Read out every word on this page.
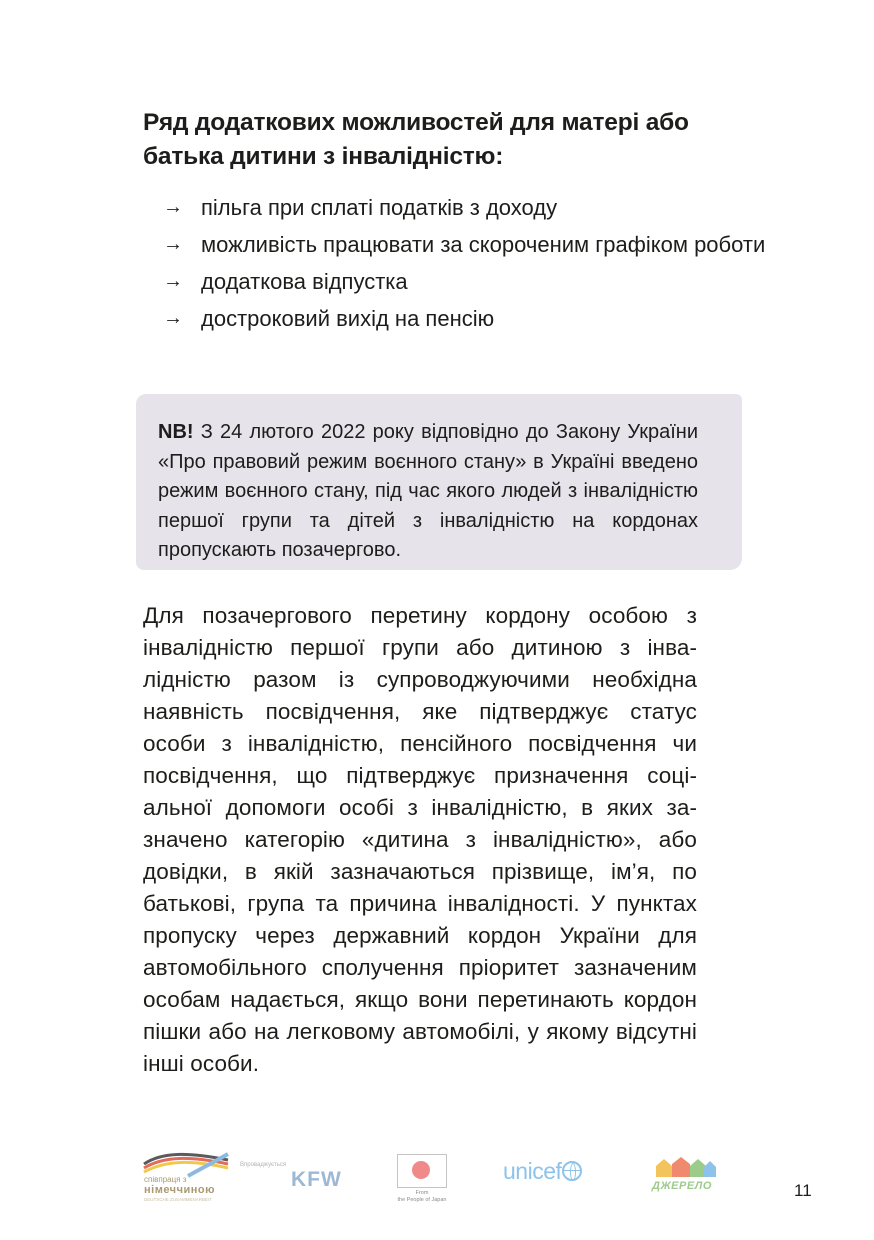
Ряд додаткових можливостей для матері або батька дитини з інвалідністю:
→ пільга при сплаті податків з доходу
→ можливість працювати за скороченим графіком роботи
→ додаткова відпустка
→ достроковий вихід на пенсію
NB! З 24 лютого 2022 року відповідно до Закону України «Про правовий режим воєнного стану» в Україні введено режим воєнного стану, під час якого людей з інвалідністю першої групи та дітей з інвалідністю на кордонах пропускають позачергово.
Для позачергового перетину кордону особою з інвалідністю першої групи або дитиною з інвалідністю разом із супроводжуючими необхідна наявність посвідчення, яке підтверджує статус особи з інвалідністю, пенсійного посвідчення чи посвідчення, що підтверджує призначення соціальної допомоги особі з інвалідністю, в яких зазначено категорію «дитина з інвалідністю», або довідки, в якій зазначаються прізвище, ім’я, по батькові, група та причина інвалідності. У пунктах пропуску через державний кордон України для автомобільного сполучення пріоритет зазначеним особам надається, якщо вони перетинають кордон пішки або на легковому автомобілі, у якому відсутні інші особи.
співпраця з
німеччиною
DEUTSCHE ZUSAMMENARBEIT
Впроваджується
KFW
From
the People of Japan
unicef
ДЖЕРЕЛО	11
